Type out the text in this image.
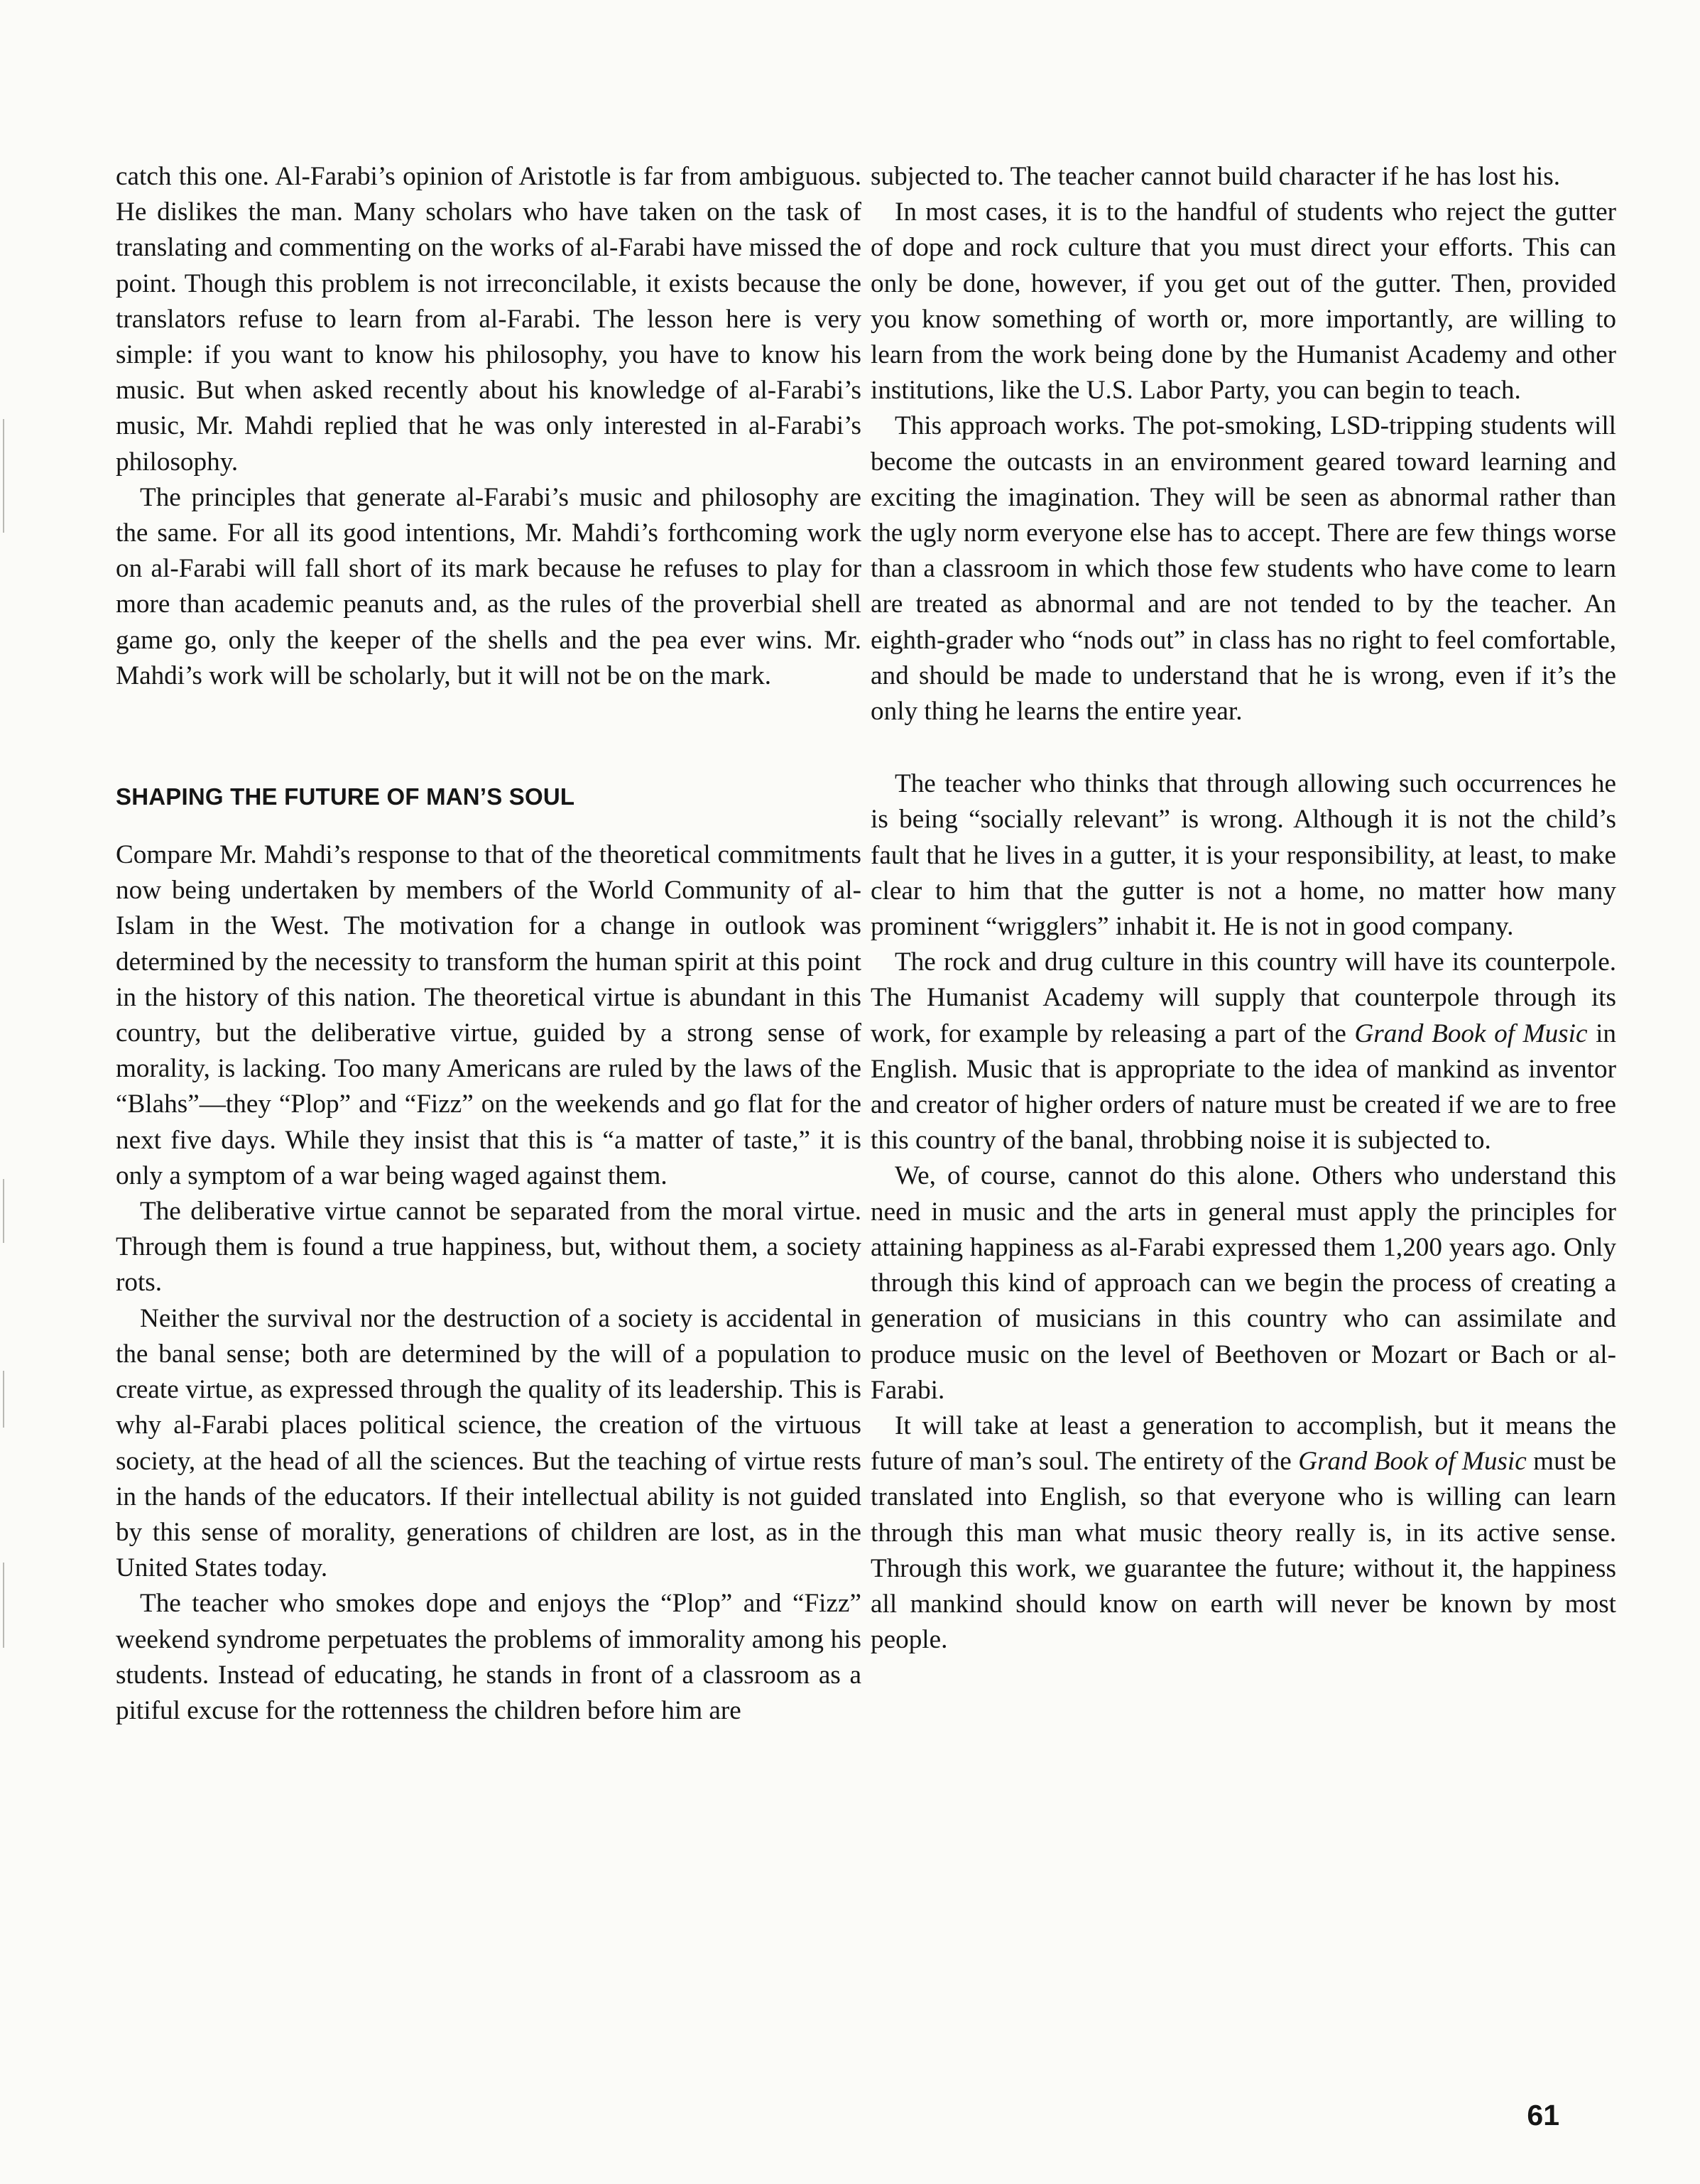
catch this one. Al-Farabi’s opinion of Aristotle is far from ambiguous. He dislikes the man. Many scholars who have taken on the task of translating and commenting on the works of al-Farabi have missed the point. Though this problem is not irreconcilable, it exists because the translators refuse to learn from al-Farabi. The lesson here is very simple: if you want to know his philosophy, you have to know his music. But when asked recently about his knowledge of al-Farabi’s music, Mr. Mahdi replied that he was only interested in al-Farabi’s philosophy.

The principles that generate al-Farabi’s music and philosophy are the same. For all its good intentions, Mr. Mahdi’s forthcoming work on al-Farabi will fall short of its mark because he refuses to play for more than academic peanuts and, as the rules of the proverbial shell game go, only the keeper of the shells and the pea ever wins. Mr. Mahdi’s work will be scholarly, but it will not be on the mark.

SHAPING THE FUTURE OF MAN’S SOUL

Compare Mr. Mahdi’s response to that of the theoretical commitments now being undertaken by members of the World Community of al-Islam in the West. The motivation for a change in outlook was determined by the necessity to transform the human spirit at this point in the history of this nation. The theoretical virtue is abundant in this country, but the deliberative virtue, guided by a strong sense of morality, is lacking. Too many Americans are ruled by the laws of the “Blahs”—they “Plop” and “Fizz” on the weekends and go flat for the next five days. While they insist that this is “a matter of taste,” it is only a symptom of a war being waged against them.

The deliberative virtue cannot be separated from the moral virtue. Through them is found a true happiness, but, without them, a society rots.

Neither the survival nor the destruction of a society is accidental in the banal sense; both are determined by the will of a population to create virtue, as expressed through the quality of its leadership. This is why al-Farabi places political science, the creation of the virtuous society, at the head of all the sciences. But the teaching of virtue rests in the hands of the educators. If their intellectual ability is not guided by this sense of morality, generations of children are lost, as in the United States today.

The teacher who smokes dope and enjoys the “Plop” and “Fizz” weekend syndrome perpetuates the problems of immorality among his students. Instead of educating, he stands in front of a classroom as a pitiful excuse for the rottenness the children before him are

subjected to. The teacher cannot build character if he has lost his.

In most cases, it is to the handful of students who reject the gutter of dope and rock culture that you must direct your efforts. This can only be done, however, if you get out of the gutter. Then, provided you know something of worth or, more importantly, are willing to learn from the work being done by the Humanist Academy and other institutions, like the U.S. Labor Party, you can begin to teach.

This approach works. The pot-smoking, LSD-tripping students will become the outcasts in an environment geared toward learning and exciting the imagination. They will be seen as abnormal rather than the ugly norm everyone else has to accept. There are few things worse than a classroom in which those few students who have come to learn are treated as abnormal and are not tended to by the teacher. An eighth-grader who “nods out” in class has no right to feel comfortable, and should be made to understand that he is wrong, even if it’s the only thing he learns the entire year.

The teacher who thinks that through allowing such occurrences he is being “socially relevant” is wrong. Although it is not the child’s fault that he lives in a gutter, it is your responsibility, at least, to make clear to him that the gutter is not a home, no matter how many prominent “wrigglers” inhabit it. He is not in good company.

The rock and drug culture in this country will have its counterpole. The Humanist Academy will supply that counterpole through its work, for example by releasing a part of the Grand Book of Music in English. Music that is appropriate to the idea of mankind as inventor and creator of higher orders of nature must be created if we are to free this country of the banal, throbbing noise it is subjected to.

We, of course, cannot do this alone. Others who understand this need in music and the arts in general must apply the principles for attaining happiness as al-Farabi expressed them 1,200 years ago. Only through this kind of approach can we begin the process of creating a generation of musicians in this country who can assimilate and produce music on the level of Beethoven or Mozart or Bach or al-Farabi.

It will take at least a generation to accomplish, but it means the future of man’s soul. The entirety of the Grand Book of Music must be translated into English, so that everyone who is willing can learn through this man what music theory really is, in its active sense. Through this work, we guarantee the future; without it, the happiness all mankind should know on earth will never be known by most people.

61
